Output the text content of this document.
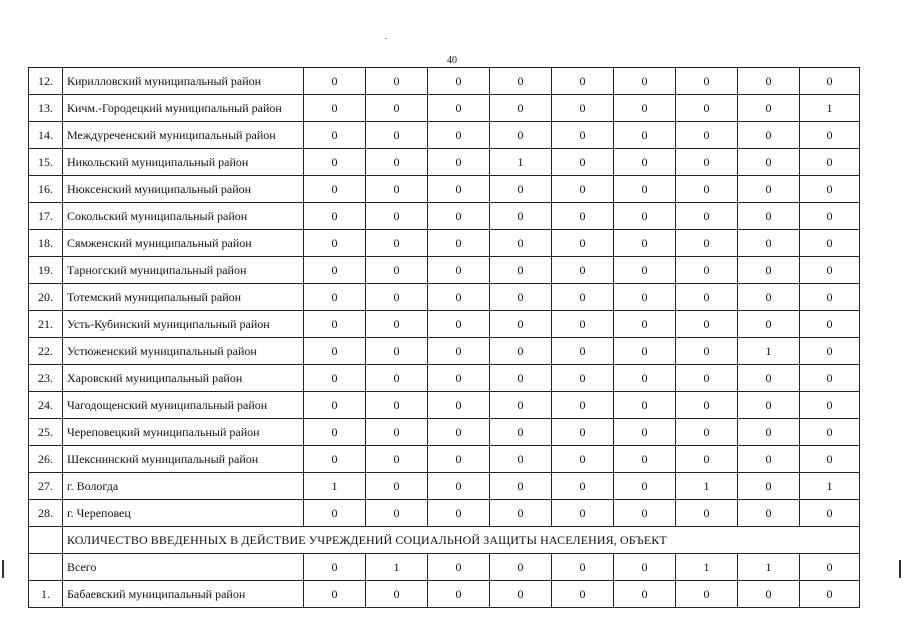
40
12.	Кирилловский муниципальный район	0	0	0	0	0	0	0	0	0
13.	Кичм.-Городецкий муниципальный район	0	0	0	0	0	0	0	0	1
14.	Междуреченский муниципальный район	0	0	0	0	0	0	0	0	0
15.	Никольский муниципальный район	0	0	0	1	0	0	0	0	0
16.	Нюксенский муниципальный район	0	0	0	0	0	0	0	0	0
17.	Сокольский муниципальный район	0	0	0	0	0	0	0	0	0
18.	Сямженский муниципальный район	0	0	0	0	0	0	0	0	0
19.	Тарногский муниципальный район	0	0	0	0	0	0	0	0	0
20.	Тотемский муниципальный район	0	0	0	0	0	0	0	0	0
21.	Усть-Кубинский муниципальный район	0	0	0	0	0	0	0	0	0
22.	Устюженский муниципальный район	0	0	0	0	0	0	0	1	0
23.	Харовский муниципальный район	0	0	0	0	0	0	0	0	0
24.	Чагодощенский муниципальный район	0	0	0	0	0	0	0	0	0
25.	Череповецкий муниципальный район	0	0	0	0	0	0	0	0	0
26.	Шекснинский муниципальный район	0	0	0	0	0	0	0	0	0
27.	г. Вологда	1	0	0	0	0	0	1	0	1
28.	г. Череповец	0	0	0	0	0	0	0	0	0
	КОЛИЧЕСТВО ВВЕДЕННЫХ В ДЕЙСТВИЕ УЧРЕЖДЕНИЙ СОЦИАЛЬНОЙ ЗАЩИТЫ НАСЕЛЕНИЯ, ОБЪЕКТ									
	Всего	0	1	0	0	0	0	1	1	0
1.	Бабаевский муниципальный район	0	0	0	0	0	0	0	0	0
